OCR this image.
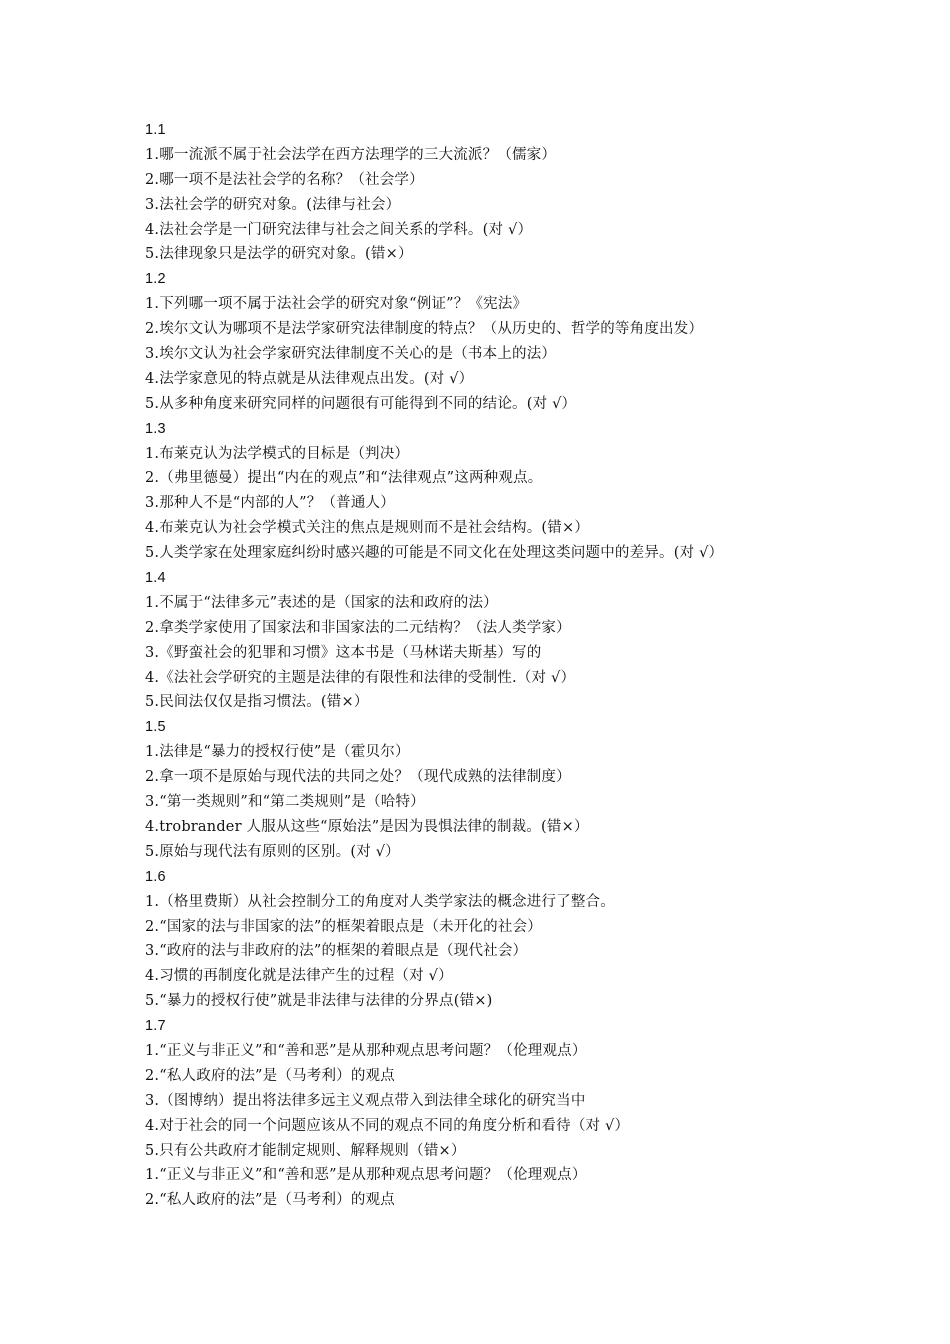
1.1
1.哪一流派不属于社会法学在西方法理学的三大流派？（儒家）
2.哪一项不是法社会学的名称？（社会学）
3.法社会学的研究对象。(法律与社会）
4.法社会学是一门研究法律与社会之间关系的学科。(对 √）
5.法律现象只是法学的研究对象。(错×）
1.2
1.下列哪一项不属于法社会学的研究对象“例证”？《宪法》
2.埃尔文认为哪项不是法学家研究法律制度的特点？（从历史的、哲学的等角度出发）
3.埃尔文认为社会学家研究法律制度不关心的是（书本上的法）
4.法学家意见的特点就是从法律观点出发。(对 √）
5.从多种角度来研究同样的问题很有可能得到不同的结论。(对 √）
1.3
1.布莱克认为法学模式的目标是（判决）
2.（弗里德曼）提出“内在的观点”和“法律观点”这两种观点。
3.那种人不是“内部的人”？（普通人）
4.布莱克认为社会学模式关注的焦点是规则而不是社会结构。(错×）
5.人类学家在处理家庭纠纷时感兴趣的可能是不同文化在处理这类问题中的差异。(对 √）
1.4
1.不属于“法律多元”表述的是（国家的法和政府的法）
2.拿类学家使用了国家法和非国家法的二元结构？（法人类学家）
3.《野蛮社会的犯罪和习惯》这本书是（马林诺夫斯基）写的
4.《法社会学研究的主题是法律的有限性和法律的受制性.（对 √）
5.民间法仅仅是指习惯法。(错×）
1.5
1.法律是“暴力的授权行使”是（霍贝尔）
2.拿一项不是原始与现代法的共同之处？（现代成熟的法律制度）
3.“第一类规则”和“第二类规则”是（哈特）
4.trobrander 人服从这些“原始法”是因为畏惧法律的制裁。(错×）
5.原始与现代法有原则的区别。(对 √）
1.6
1.（格里费斯）从社会控制分工的角度对人类学家法的概念进行了整合。
2.“国家的法与非国家的法”的框架着眼点是（未开化的社会）
3.“政府的法与非政府的法”的框架的着眼点是（现代社会）
4.习惯的再制度化就是法律产生的过程（对 √）
5.“暴力的授权行使”就是非法律与法律的分界点(错×)
1.7
1.“正义与非正义”和“善和恶”是从那种观点思考问题？（伦理观点）
2.“私人政府的法”是（马考利）的观点
3.（图博纳）提出将法律多远主义观点带入到法律全球化的研究当中
4.对于社会的同一个问题应该从不同的观点不同的角度分析和看待（对 √）
5.只有公共政府才能制定规则、解释规则（错×）
1.“正义与非正义”和“善和恶”是从那种观点思考问题？（伦理观点）
2.“私人政府的法”是（马考利）的观点
